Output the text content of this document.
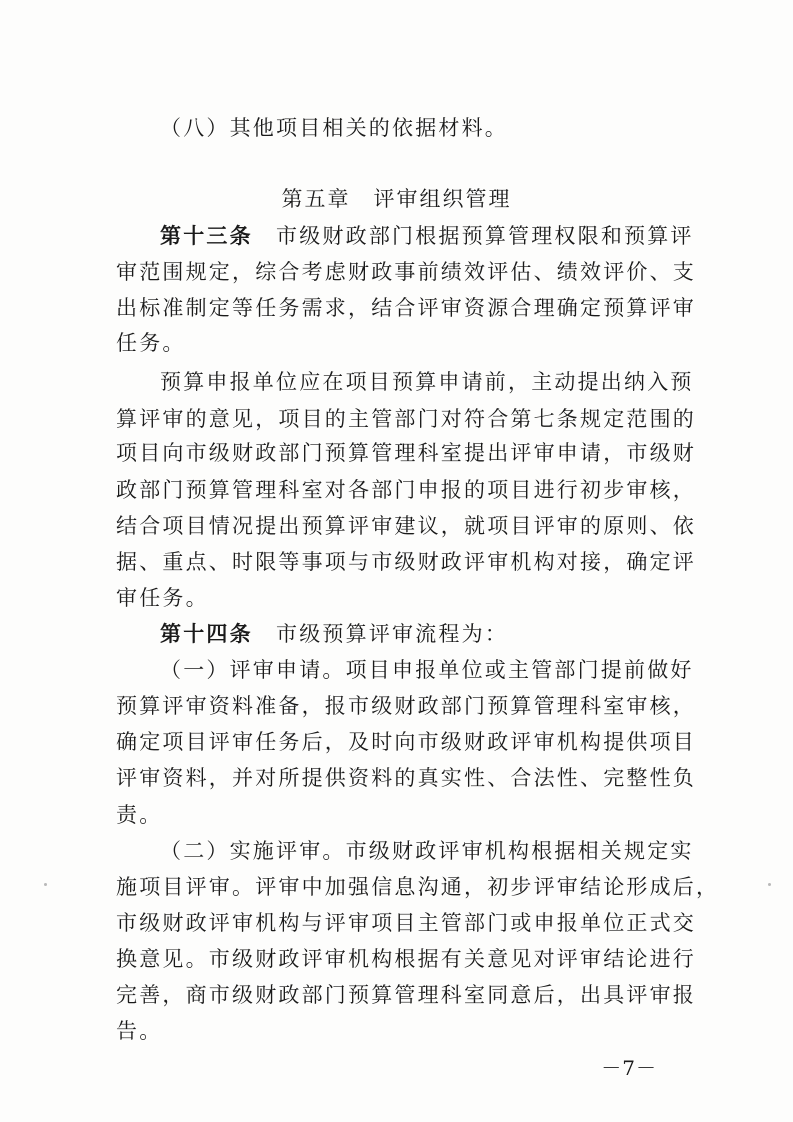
（八）其他项目相关的依据材料。
第五章　评审组织管理
第十三条　 市级财政部门根据预算管理权限和预算评
审范围规定，综合考虑财政事前绩效评估、绩效评价、支
出标准制定等任务需求，结合评审资源合理确定预算评审
任务。
预算申报单位应在项目预算申请前，主动提出纳入预
算评审的意见，项目的主管部门对符合第七条规定范围的
项目向市级财政部门预算管理科室提出评审申请，市级财
政部门预算管理科室对各部门申报的项目进行初步审核，
结合项目情况提出预算评审建议，就项目评审的原则、依
据、重点、时限等事项与市级财政评审机构对接，确定评
审任务。
第十四条　 市级预算评审流程为：
（一）评审申请。项目申报单位或主管部门提前做好
预算评审资料准备，报市级财政部门预算管理科室审核，
确定项目评审任务后，及时向市级财政评审机构提供项目
评审资料，并对所提供资料的真实性、合法性、完整性负
责。
（二）实施评审。市级财政评审机构根据相关规定实
施项目评审。评审中加强信息沟通，初步评审结论形成后，
市级财政评审机构与评审项目主管部门或申报单位正式交
换意见。市级财政评审机构根据有关意见对评审结论进行
完善，商市级财政部门预算管理科室同意后，出具评审报
告。
－7－
